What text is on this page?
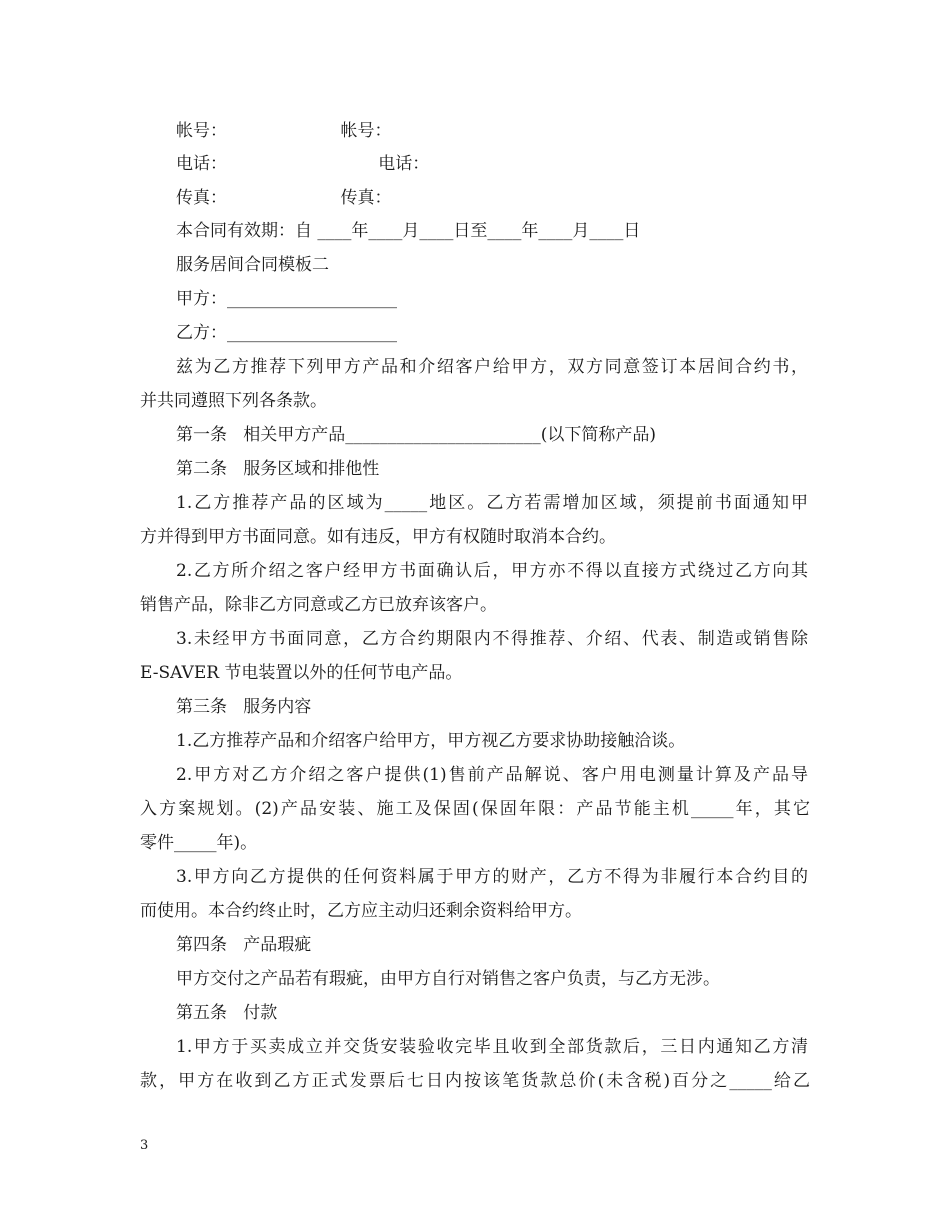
帐号：                     帐号：
电话：                            电话：
传真：                     传真：
本合同有效期：自 ____年____月____日至____年____月____日
服务居间合同模板二
甲方：____________________
乙方：____________________
兹为乙方推荐下列甲方产品和介绍客户给甲方，双方同意签订本居间合约书，
并共同遵照下列各条款。
第一条   相关甲方产品_______________________(以下简称产品)
第二条   服务区域和排他性
1.乙方推荐产品的区域为_____地区。乙方若需增加区域，须提前书面通知甲
方并得到甲方书面同意。如有违反，甲方有权随时取消本合约。
2.乙方所介绍之客户经甲方书面确认后，甲方亦不得以直接方式绕过乙方向其
销售产品，除非乙方同意或乙方已放弃该客户。
3.未经甲方书面同意，乙方合约期限内不得推荐、介绍、代表、制造或销售除
E-SAVER 节电装置以外的任何节电产品。
第三条   服务内容
1.乙方推荐产品和介绍客户给甲方，甲方视乙方要求协助接触洽谈。
2.甲方对乙方介绍之客户提供(1)售前产品解说、客户用电测量计算及产品导
入方案规划。(2)产品安装、施工及保固(保固年限：产品节能主机_____年，其它
零件_____年)。
3.甲方向乙方提供的任何资料属于甲方的财产，乙方不得为非履行本合约目的
而使用。本合约终止时，乙方应主动归还剩余资料给甲方。
第四条   产品瑕疵
甲方交付之产品若有瑕疵，由甲方自行对销售之客户负责，与乙方无涉。
第五条   付款
1.甲方于买卖成立并交货安装验收完毕且收到全部货款后，三日内通知乙方清
款，甲方在收到乙方正式发票后七日内按该笔货款总价(未含税)百分之_____给乙
3
